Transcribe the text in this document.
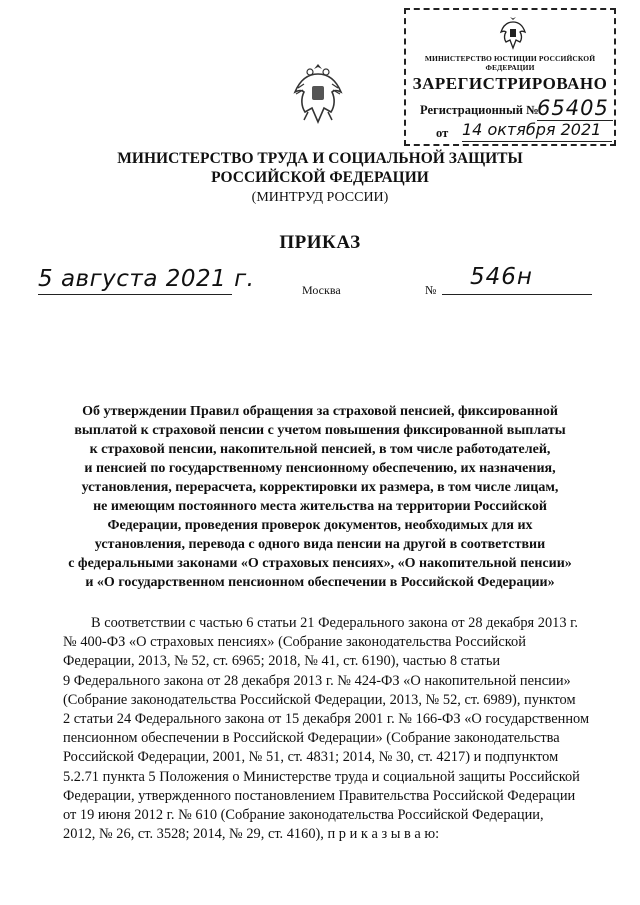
МИНИСТЕРСТВО ЮСТИЦИИ РОССИЙСКОЙ ФЕДЕРАЦИИ
ЗАРЕГИСТРИРОВАНО
Регистрационный №
65405
от 14 октября 2021
МИНИСТЕРСТВО ТРУДА И СОЦИАЛЬНОЙ ЗАЩИТЫ
РОССИЙСКОЙ ФЕДЕРАЦИИ
(МИНТРУД РОССИИ)
ПРИКАЗ
5 августа 2021 г.	Москва	№ 546н
Об утверждении Правил обращения за страховой пенсией, фиксированной
выплатой к страховой пенсии с учетом повышения фиксированной выплаты
к страховой пенсии, накопительной пенсией, в том числе работодателей,
и пенсией по государственному пенсионному обеспечению, их назначения,
установления, перерасчета, корректировки их размера, в том числе лицам,
не имеющим постоянного места жительства на территории Российской
Федерации, проведения проверок документов, необходимых для их
установления, перевода с одного вида пенсии на другой в соответствии
с федеральными законами «О страховых пенсиях», «О накопительной пенсии»
и «О государственном пенсионном обеспечении в Российской Федерации»
В соответствии с частью 6 статьи 21 Федерального закона от 28 декабря 2013 г.
№ 400-ФЗ «О страховых пенсиях» (Собрание законодательства Российской
Федерации, 2013, № 52, ст. 6965; 2018, № 41, ст. 6190), частью 8 статьи
9 Федерального закона от 28 декабря 2013 г. № 424-ФЗ «О накопительной пенсии»
(Собрание законодательства Российской Федерации, 2013, № 52, ст. 6989), пунктом
2 статьи 24 Федерального закона от 15 декабря 2001 г. № 166-ФЗ «О государственном
пенсионном обеспечении в Российской Федерации» (Собрание законодательства
Российской Федерации, 2001, № 51, ст. 4831; 2014, № 30, ст. 4217) и подпунктом
5.2.71 пункта 5 Положения о Министерстве труда и социальной защиты Российской
Федерации, утвержденного постановлением Правительства Российской Федерации
от 19 июня 2012 г. № 610 (Собрание законодательства Российской Федерации,
2012, № 26, ст. 3528; 2014, № 29, ст. 4160), п р и к а з ы в а ю:
